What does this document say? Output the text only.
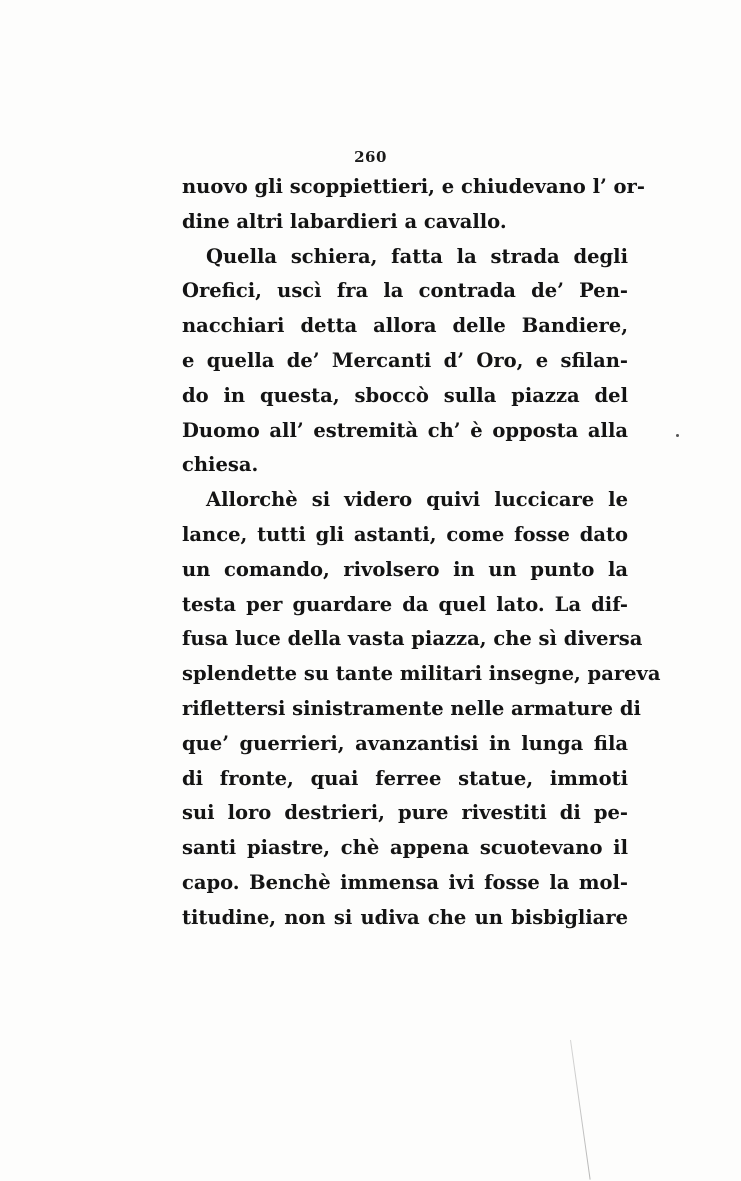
260
nuovo gli scoppiettieri, e chiudevano l’ or-
dine altri labardieri a cavallo.
Quella schiera, fatta la strada degli
Orefici, uscì fra la contrada de’ Pen-
nacchiari detta allora delle Bandiere,
e quella de’ Mercanti d’ Oro, e sfilan-
do in questa, sboccò sulla piazza del
Duomo all’ estremità ch’ è opposta alla
chiesa.
Allorchè si videro quivi luccicare le
lance, tutti gli astanti, come fosse dato
un comando, rivolsero in un punto la
testa per guardare da quel lato. La dif-
fusa luce della vasta piazza, che sì diversa
splendette su tante militari insegne, pareva
riflettersi sinistramente nelle armature di
que’ guerrieri, avanzantisi in lunga fila
di fronte, quai ferree statue, immoti
sui loro destrieri, pure rivestiti di pe-
santi piastre, chè appena scuotevano il
capo. Benchè immensa ivi fosse la mol-
titudine, non si udiva che un bisbigliare
